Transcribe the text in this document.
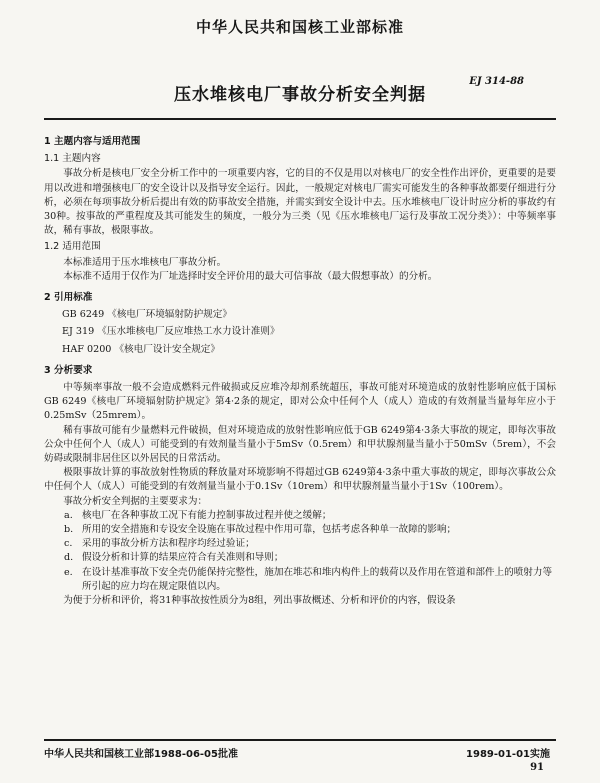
中华人民共和国核工业部标准
压水堆核电厂事故分析安全判据
EJ 314-88
1 主题内容与适用范围
1.1 主题内容

事故分析是核电厂安全分析工作中的一项重要内容，它的目的不仅是用以对核电厂的安全性作出评价，更重要的是要用以改进和增强核电厂的安全设计以及指导安全运行。因此，一般规定对核电厂需实可能发生的各种事故都要仔细进行分析，必须在每项事故分析后提出有效的防事故安全措施，并需实到安全设计中去。压水堆核电厂设计时应分析的事故约有30种。按事故的严重程度及其可能发生的频度，一般分为三类（见《压水堆核电厂运行及事故工况分类》）：中等频率事故，稀有事故，极限事故。

1.2 适用范围

本标准适用于压水堆核电厂事故分析。

本标准不适用于仅作为厂址选择时安全评价用的最大可信事故（最大假想事故）的分析。

2 引用标准
GB 6249 《核电厂环境辐射防护规定》
EJ 319 《压水堆核电厂反应堆热工水力设计准则》
HAF 0200 《核电厂设计安全规定》
3 分析要求

中等频率事故一般不会造成燃料元件破损或反应堆冷却剂系统超压，事故可能对环境造成的放射性影响应低于国标GB 6249《核电厂环境辐射防护规定》第4·2条的规定，即对公众中任何个人（成人）造成的有效剂量当量每年应小于0.25mSv（25mrem）。

稀有事故可能有少量燃料元件破损，但对环境造成的放射性影响应低于GB 6249第4·3条大事故的规定，即每次事故公众中任何个人（成人）可能受到的有效剂量当量小于5mSv（0.5rem）和甲状腺剂量当量小于50mSv（5rem），不会妨碍或限制非居住区以外居民的日常活动。

极限事故计算的事故放射性物质的释放量对环境影响不得超过GB 6249第4·3条中重大事故的规定，即每次事故公众中任何个人（成人）可能受到的有效剂量当量小于0.1Sv（10rem）和甲状腺剂量当量小于1Sv（100rem）。

事故分析安全判据的主要要求为：

a. 核电厂在各种事故工况下有能力控制事故过程并使之缓解；
b. 所用的安全措施和专设安全设施在事故过程中作用可靠，包括考虑各种单一故障的影响；
c. 采用的事故分析方法和程序均经过验证；
d. 假设分析和计算的结果应符合有关准则和导则；
e. 在设计基准事故下安全壳仍能保持完整性，施加在堆芯和堆内构件上的载荷以及作用在管道和部件上的喷射力等所引起的应力均在规定限值以内。

为便于分析和评价，将31种事故按性质分为8组，列出事故概述、分析和评价的内容，假设条

中华人民共和国核工业部1988-06-05批准	1989-01-01实施
91
